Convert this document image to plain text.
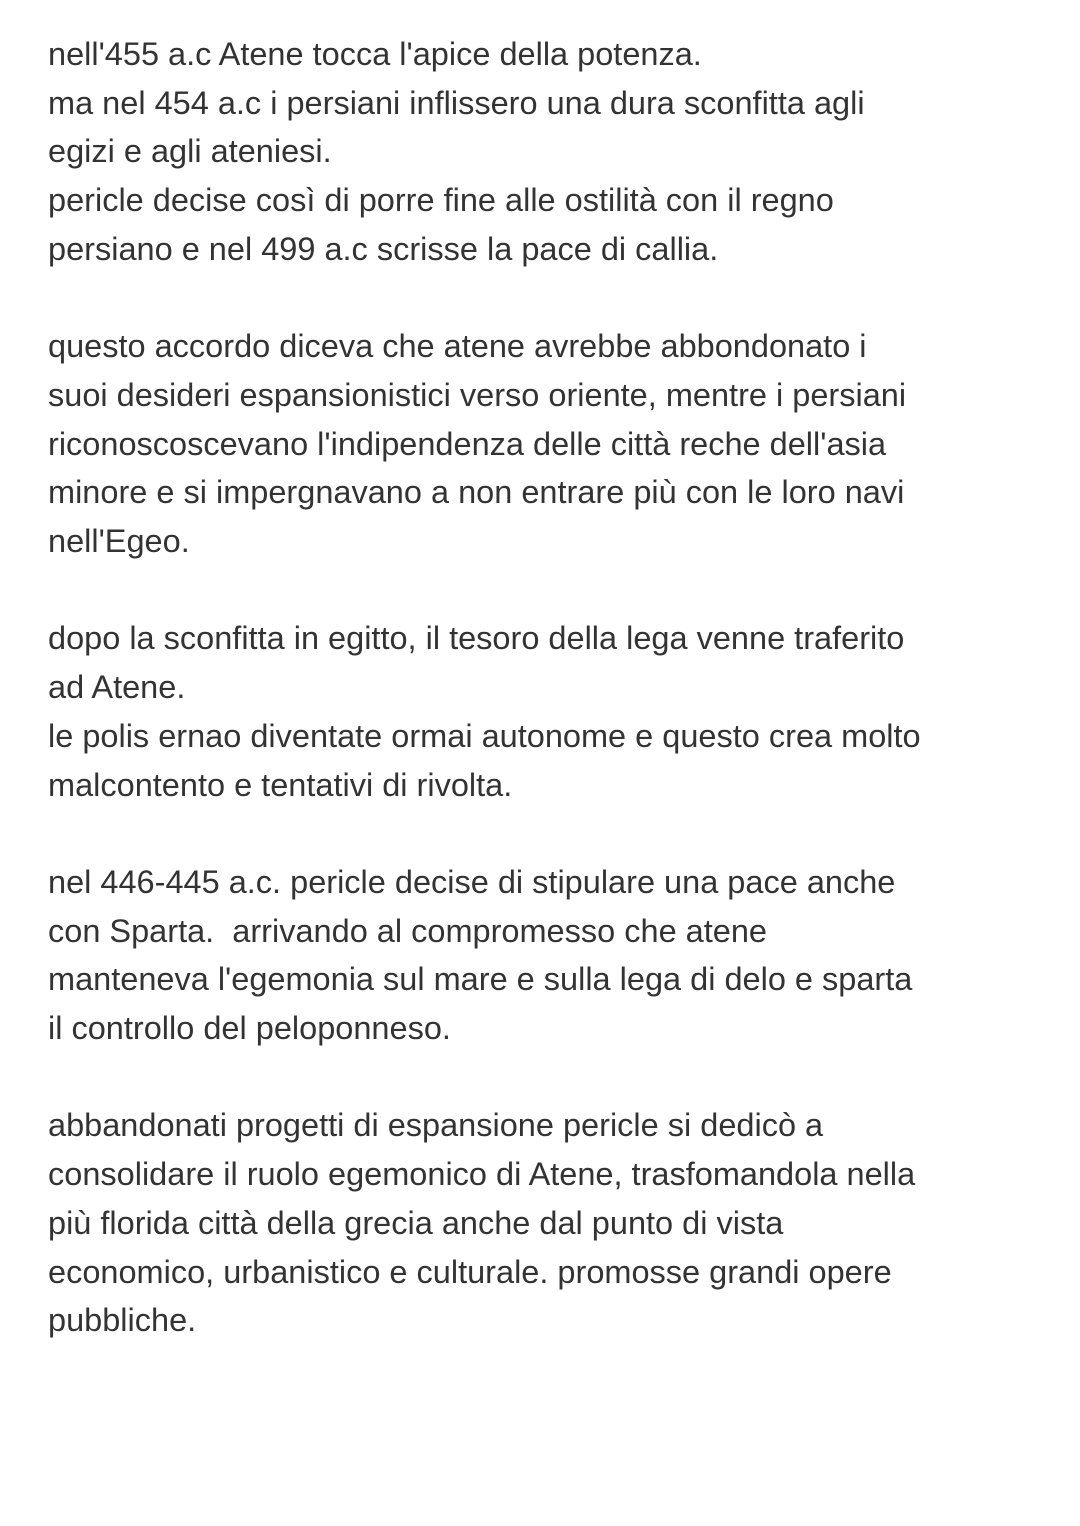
nell'455 a.c Atene tocca l'apice della potenza.
ma nel 454 a.c i persiani inflissero una dura sconfitta agli
egizi e agli ateniesi.
pericle decise così di porre fine alle ostilità con il regno
persiano e nel 499 a.c scrisse la pace di callia.
questo accordo diceva che atene avrebbe abbondonato i
suoi desideri espansionistici verso oriente, mentre i persiani
riconoscoscevano l'indipendenza delle città reche dell'asia
minore e si impergnavano a non entrare più con le loro navi
nell'Egeo.
dopo la sconfitta in egitto, il tesoro della lega venne traferito
ad Atene.
le polis ernao diventate ormai autonome e questo crea molto
malcontento e tentativi di rivolta.
nel 446-445 a.c. pericle decise di stipulare una pace anche
con Sparta.  arrivando al compromesso che atene
manteneva l'egemonia sul mare e sulla lega di delo e sparta
il controllo del peloponneso.
abbandonati progetti di espansione pericle si dedicò a
consolidare il ruolo egemonico di Atene, trasfomandola nella
più florida città della grecia anche dal punto di vista
economico, urbanistico e culturale. promosse grandi opere
pubbliche.
